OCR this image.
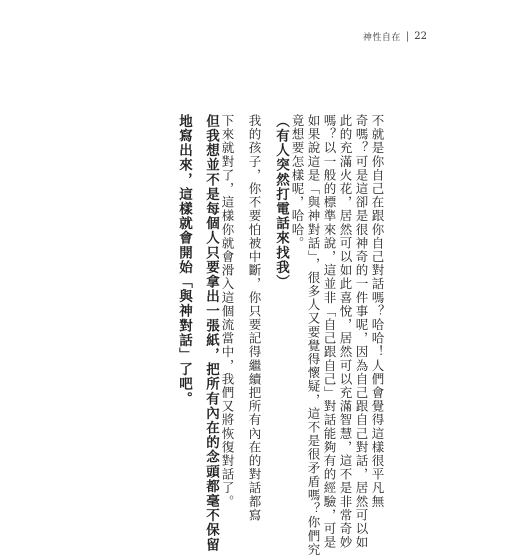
神性自在 | 22
不就是你自己在跟你自己對話嗎？哈哈！人們會覺得這樣很平凡無
奇嗎？可是這卻是很神奇的一件事呢，因為自己跟自己對話，居然可以如
此的充滿火花，居然可以如此喜悅，居然可以充滿智慧，這不是非常奇妙
嗎？以一般的標準來說，這並非「自己跟自己」對話能夠有的經驗，可是
如果說這是「與神對話」，很多人又要覺得懷疑，這不是很矛盾嗎？你們究
竟想要怎樣呢，哈哈。
（有人突然打電話來找我）
我的孩子，你不要怕被中斷，你只要記得繼續把所有內在的對話都寫
下來就對了，這樣你就會滑入這個流當中，我們又將恢復對話了。
但我想並不是每個人只要拿出一張紙，把所有內在的念頭都毫不保留
地寫出來，這樣就會開始「與神對話」了吧。
